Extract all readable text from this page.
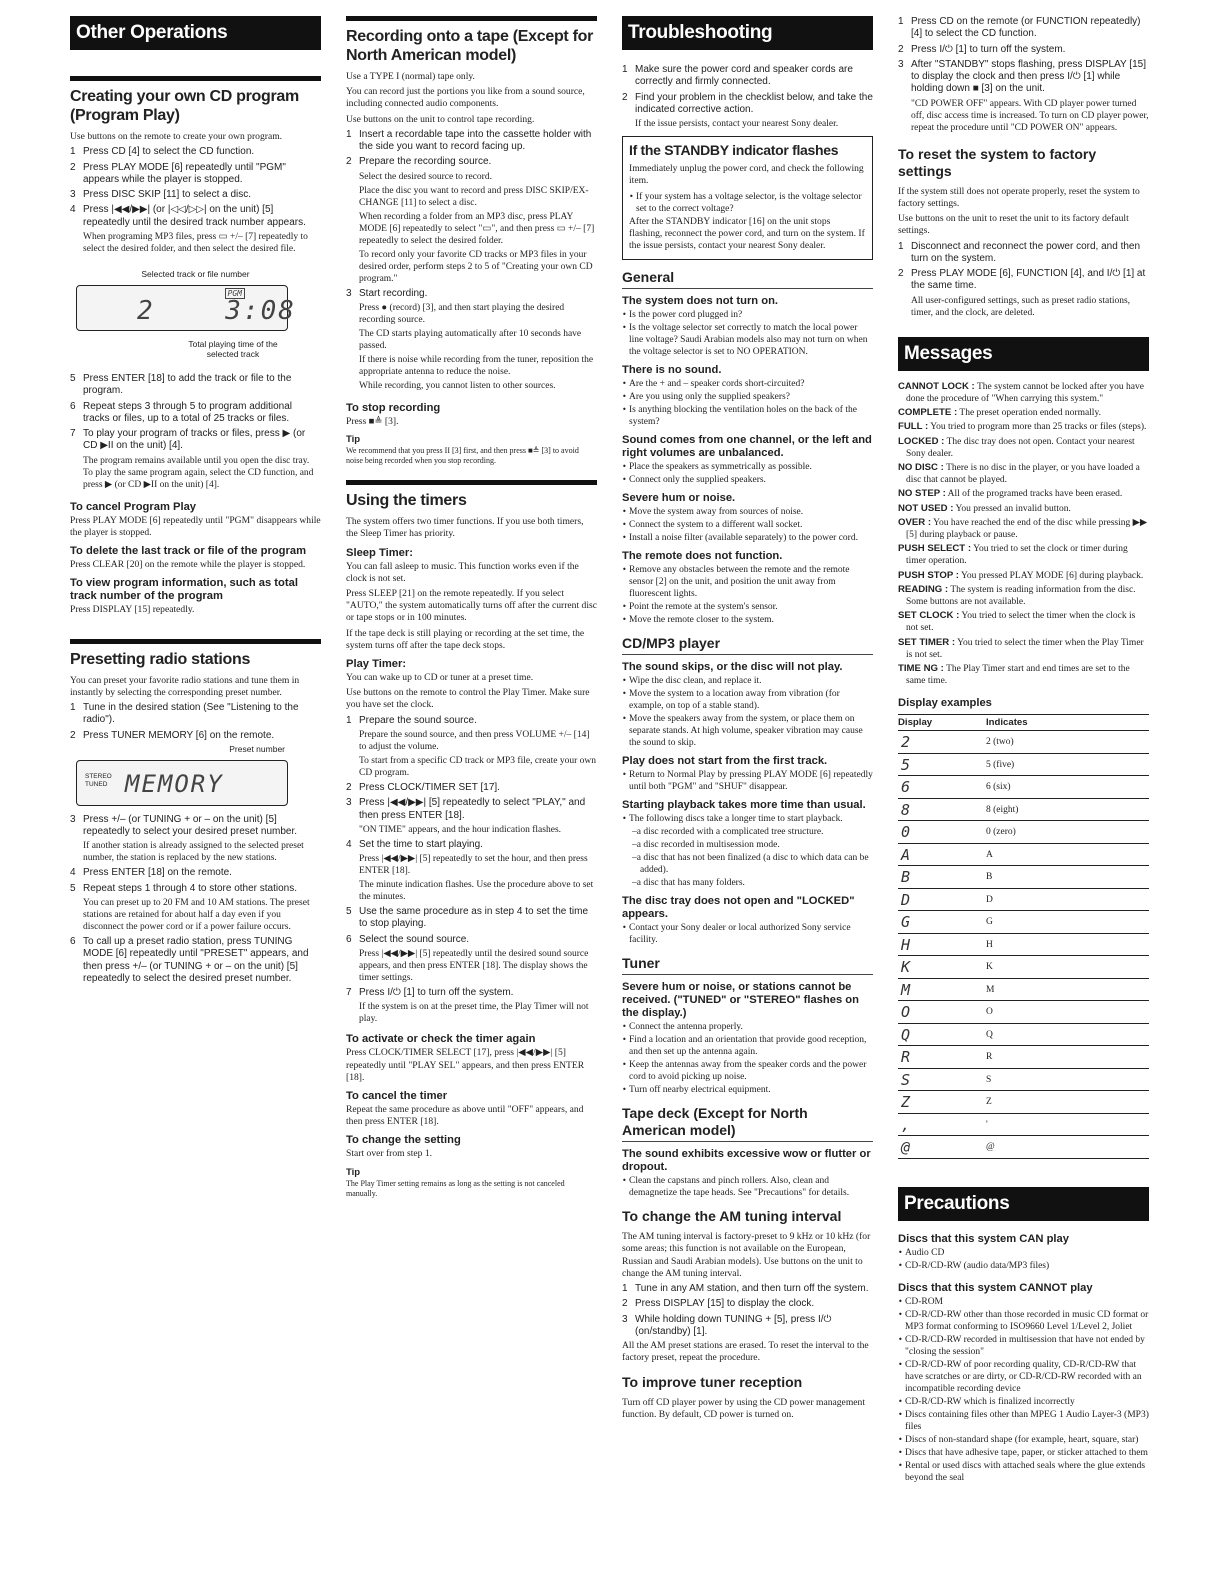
Other Operations
Creating your own CD program (Program Play)

Use buttons on the remote to create your own program.

1 Press CD [4] to select the CD function.
2 Press PLAY MODE [6] repeatedly until "PGM" appears while the player is stopped.
3 Press DISC SKIP [11] to select a disc.
4 Press |◀◀/▶▶| (or |◁◁/▷▷| on the unit) [5] repeatedly until the desired track number appears.

When programing MP3 files, press ▭ +/– [7] repeatedly to select the desired folder, and then select the desired file.

Selected track or file number
PGM
2    3:08
Total playing time of the selected track
5 Press ENTER [18] to add the track or file to the program.
6 Repeat steps 3 through 5 to program additional tracks or files, up to a total of 25 tracks or files.
7 To play your program of tracks or files, press ▶ (or CD ▶II on the unit) [4].

The program remains available until you open the disc tray. To play the same program again, select the CD function, and press ▶ (or CD ▶II on the unit) [4].

To cancel Program Play

Press PLAY MODE [6] repeatedly until "PGM" disappears while the player is stopped.

To delete the last track or file of the program

Press CLEAR [20] on the remote while the player is stopped.

To view program information, such as total track number of the program

Press DISPLAY [15] repeatedly.

Presetting radio stations

You can preset your favorite radio stations and tune them in instantly by selecting the corresponding preset number.

1 Tune in the desired station (See "Listening to the radio").
2 Press TUNER MEMORY [6] on the remote.
Preset number
STEREO TUNED MEMORY
3 Press +/– (or TUNING + or – on the unit) [5] repeatedly to select your desired preset number.

If another station is already assigned to the selected preset number, the station is replaced by the new stations.

4 Press ENTER [18] on the remote.
5 Repeat steps 1 through 4 to store other stations.

You can preset up to 20 FM and 10 AM stations. The preset stations are retained for about half a day even if you disconnect the power cord or if a power failure occurs.

6 To call up a preset radio station, press TUNING MODE [6] repeatedly until "PRESET" appears, and then press +/– (or TUNING + or – on the unit) [5] repeatedly to select the desired preset number.
Recording onto a tape (Except for North American model)

Use a TYPE I (normal) tape only.

You can record just the portions you like from a sound source, including connected audio components.

Use buttons on the unit to control tape recording.

1 Insert a recordable tape into the cassette holder with the side you want to record facing up.
2 Prepare the recording source.

Select the desired source to record.

Place the disc you want to record and press DISC SKIP/EX-CHANGE [11] to select a disc.

When recording a folder from an MP3 disc, press PLAY MODE [6] repeatedly to select "▭", and then press ▭ +/– [7] repeatedly to select the desired folder.

To record only your favorite CD tracks or MP3 files in your desired order, perform steps 2 to 5 of "Creating your own CD program."

3 Start recording.

Press ● (record) [3], and then start playing the desired recording source.

The CD starts playing automatically after 10 seconds have passed.

If there is noise while recording from the tuner, reposition the appropriate antenna to reduce the noise.

While recording, you cannot listen to other sources.

To stop recording

Press ■≜ [3].

Tip

We recommend that you press II [3] first, and then press ■≜ [3] to avoid noise being recorded when you stop recording.

Using the timers

The system offers two timer functions. If you use both timers, the Sleep Timer has priority.

Sleep Timer:

You can fall asleep to music. This function works even if the clock is not set.

Press SLEEP [21] on the remote repeatedly. If you select "AUTO," the system automatically turns off after the current disc or tape stops or in 100 minutes.

If the tape deck is still playing or recording at the set time, the system turns off after the tape deck stops.

Play Timer:

You can wake up to CD or tuner at a preset time.

Use buttons on the remote to control the Play Timer. Make sure you have set the clock.

1 Prepare the sound source.

Prepare the sound source, and then press VOLUME +/– [14] to adjust the volume.

To start from a specific CD track or MP3 file, create your own CD program.

2 Press CLOCK/TIMER SET [17].
3 Press |◀◀/▶▶| [5] repeatedly to select "PLAY," and then press ENTER [18].

"ON TIME" appears, and the hour indication flashes.

4 Set the time to start playing.

Press |◀◀/▶▶| [5] repeatedly to set the hour, and then press ENTER [18].

The minute indication flashes. Use the procedure above to set the minutes.

5 Use the same procedure as in step 4 to set the time to stop playing.
6 Select the sound source.

Press |◀◀/▶▶| [5] repeatedly until the desired sound source appears, and then press ENTER [18]. The display shows the timer settings.

7 Press I/⏻ [1] to turn off the system.

If the system is on at the preset time, the Play Timer will not play.

To activate or check the timer again

Press CLOCK/TIMER SELECT [17], press |◀◀/▶▶| [5] repeatedly until "PLAY SEL" appears, and then press ENTER [18].

To cancel the timer

Repeat the same procedure as above until "OFF" appears, and then press ENTER [18].

To change the setting

Start over from step 1.

Tip

The Play Timer setting remains as long as the setting is not canceled manually.

Troubleshooting
1 Make sure the power cord and speaker cords are correctly and firmly connected.
2 Find your problem in the checklist below, and take the indicated corrective action.

If the issue persists, contact your nearest Sony dealer.

If the STANDBY indicator flashes

Immediately unplug the power cord, and check the following item.

• If your system has a voltage selector, is the voltage selector set to the correct voltage?

After the STANDBY indicator [16] on the unit stops flashing, reconnect the power cord, and turn on the system. If the issue persists, contact your nearest Sony dealer.

General
The system does not turn on.
• Is the power cord plugged in?
• Is the voltage selector set correctly to match the local power line voltage? Saudi Arabian models also may not turn on when the voltage selector is set to NO OPERATION.
There is no sound.
• Are the + and – speaker cords short-circuited?
• Are you using only the supplied speakers?
• Is anything blocking the ventilation holes on the back of the system?
Sound comes from one channel, or the left and right volumes are unbalanced.
• Place the speakers as symmetrically as possible.
• Connect only the supplied speakers.
Severe hum or noise.
• Move the system away from sources of noise.
• Connect the system to a different wall socket.
• Install a noise filter (available separately) to the power cord.
The remote does not function.
• Remove any obstacles between the remote and the remote sensor [2] on the unit, and position the unit away from fluorescent lights.
• Point the remote at the system's sensor.
• Move the remote closer to the system.
CD/MP3 player
The sound skips, or the disc will not play.
• Wipe the disc clean, and replace it.
• Move the system to a location away from vibration (for example, on top of a stable stand).
• Move the speakers away from the system, or place them on separate stands. At high volume, speaker vibration may cause the sound to skip.
Play does not start from the first track.
• Return to Normal Play by pressing PLAY MODE [6] repeatedly until both "PGM" and "SHUF" disappear.
Starting playback takes more time than usual.
• The following discs take a longer time to start playback.
–a disc recorded with a complicated tree structure.
–a disc recorded in multisession mode.
–a disc that has not been finalized (a disc to which data can be added).
–a disc that has many folders.
The disc tray does not open and "LOCKED" appears.
• Contact your Sony dealer or local authorized Sony service facility.
Tuner
Severe hum or noise, or stations cannot be received. ("TUNED" or "STEREO" flashes on the display.)
• Connect the antenna properly.
• Find a location and an orientation that provide good reception, and then set up the antenna again.
• Keep the antennas away from the speaker cords and the power cord to avoid picking up noise.
• Turn off nearby electrical equipment.
Tape deck (Except for North American model)
The sound exhibits excessive wow or flutter or dropout.
• Clean the capstans and pinch rollers. Also, clean and demagnetize the tape heads. See "Precautions" for details.
To change the AM tuning interval

The AM tuning interval is factory-preset to 9 kHz or 10 kHz (for some areas; this function is not available on the European, Russian and Saudi Arabian models). Use buttons on the unit to change the AM tuning interval.

1 Tune in any AM station, and then turn off the system.
2 Press DISPLAY [15] to display the clock.
3 While holding down TUNING + [5], press I/⏻ (on/standby) [1].

All the AM preset stations are erased. To reset the interval to the factory preset, repeat the procedure.

To improve tuner reception

Turn off CD player power by using the CD power management function. By default, CD power is turned on.

1 Press CD on the remote (or FUNCTION repeatedly) [4] to select the CD function.
2 Press I/⏻ [1] to turn off the system.
3 After "STANDBY" stops flashing, press DISPLAY [15] to display the clock and then press I/⏻ [1] while holding down ■ [3] on the unit.

"CD POWER OFF" appears. With CD player power turned off, disc access time is increased. To turn on CD player power, repeat the procedure until "CD POWER ON" appears.

To reset the system to factory settings

If the system still does not operate properly, reset the system to factory settings.

Use buttons on the unit to reset the unit to its factory default settings.

1 Disconnect and reconnect the power cord, and then turn on the system.
2 Press PLAY MODE [6], FUNCTION [4], and I/⏻ [1] at the same time.

All user-configured settings, such as preset radio stations, timer, and the clock, are deleted.

Messages
CANNOT LOCK : The system cannot be locked after you have done the procedure of "When carrying this system."
COMPLETE : The preset operation ended normally.
FULL : You tried to program more than 25 tracks or files (steps).
LOCKED : The disc tray does not open. Contact your nearest Sony dealer.
NO DISC : There is no disc in the player, or you have loaded a disc that cannot be played.
NO STEP : All of the programed tracks have been erased.
NOT USED : You pressed an invalid button.
OVER : You have reached the end of the disc while pressing ▶▶ [5] during playback or pause.
PUSH SELECT : You tried to set the clock or timer during timer operation.
PUSH STOP : You pressed PLAY MODE [6] during playback.
READING : The system is reading information from the disc. Some buttons are not available.
SET CLOCK : You tried to select the timer when the clock is not set.
SET TIMER : You tried to select the timer when the Play Timer is not set.
TIME NG : The Play Timer start and end times are set to the same time.
Display examples
Display	Indicates
2	2 (two)
5	5 (five)
6	6 (six)
8	8 (eight)
0	0 (zero)
A	A
B	B
D	D
G	G
H	H
K	K
M	M
O	O
Q	Q
R	R
S	S
Z	Z
,	'
@	@
Precautions
Discs that this system CAN play
• Audio CD
• CD-R/CD-RW (audio data/MP3 files)
Discs that this system CANNOT play
• CD-ROM
• CD-R/CD-RW other than those recorded in music CD format or MP3 format conforming to ISO9660 Level 1/Level 2, Joliet
• CD-R/CD-RW recorded in multisession that have not ended by "closing the session"
• CD-R/CD-RW of poor recording quality, CD-R/CD-RW that have scratches or are dirty, or CD-R/CD-RW recorded with an incompatible recording device
• CD-R/CD-RW which is finalized incorrectly
• Discs containing files other than MPEG 1 Audio Layer-3 (MP3) files
• Discs of non-standard shape (for example, heart, square, star)
• Discs that have adhesive tape, paper, or sticker attached to them
• Rental or used discs with attached seals where the glue extends beyond the seal
